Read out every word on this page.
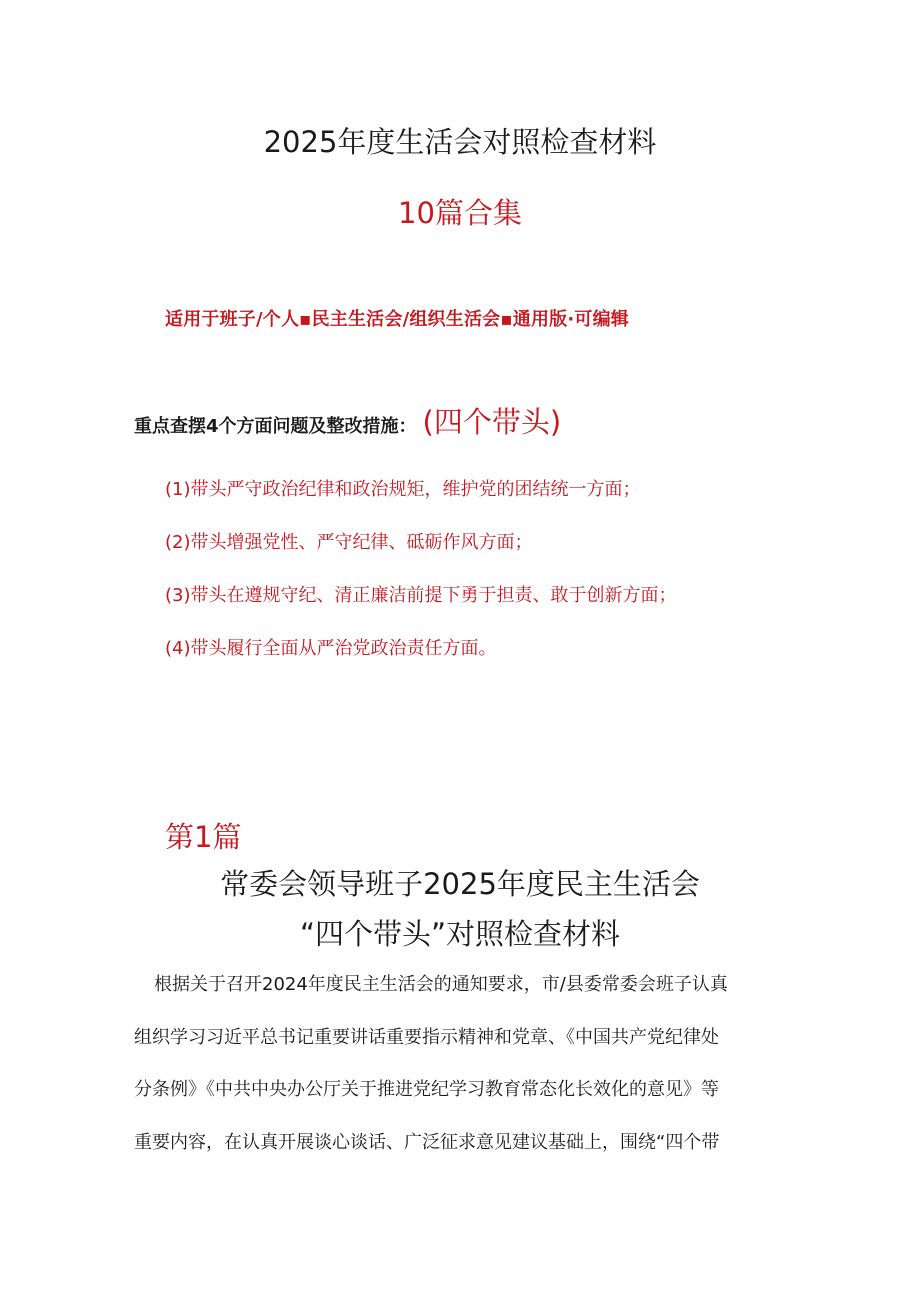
2025年度生活会对照检查材料
10篇合集
适用于班子/个人▪民主生活会/组织生活会▪通用版·可编辑
重点查摆4个方面问题及整改措施： (四个带头)
(1)带头严守政治纪律和政治规矩，维护党的团结统一方面；
(2)带头增强党性、严守纪律、砥砺作风方面；
(3)带头在遵规守纪、清正廉洁前提下勇于担责、敢于创新方面；
(4)带头履行全面从严治党政治责任方面。
第1篇
常委会领导班子2025年度民主生活会
“四个带头”对照检查材料

根据关于召开2024年度民主生活会的通知要求，市/县委常委会班子认真
组织学习习近平总书记重要讲话重要指示精神和党章、《中国共产党纪律处
分条例》《中共中央办公厅关于推进党纪学习教育常态化长效化的意见》等
重要内容，在认真开展谈心谈话、广泛征求意见建议基础上，围绕“四个带
